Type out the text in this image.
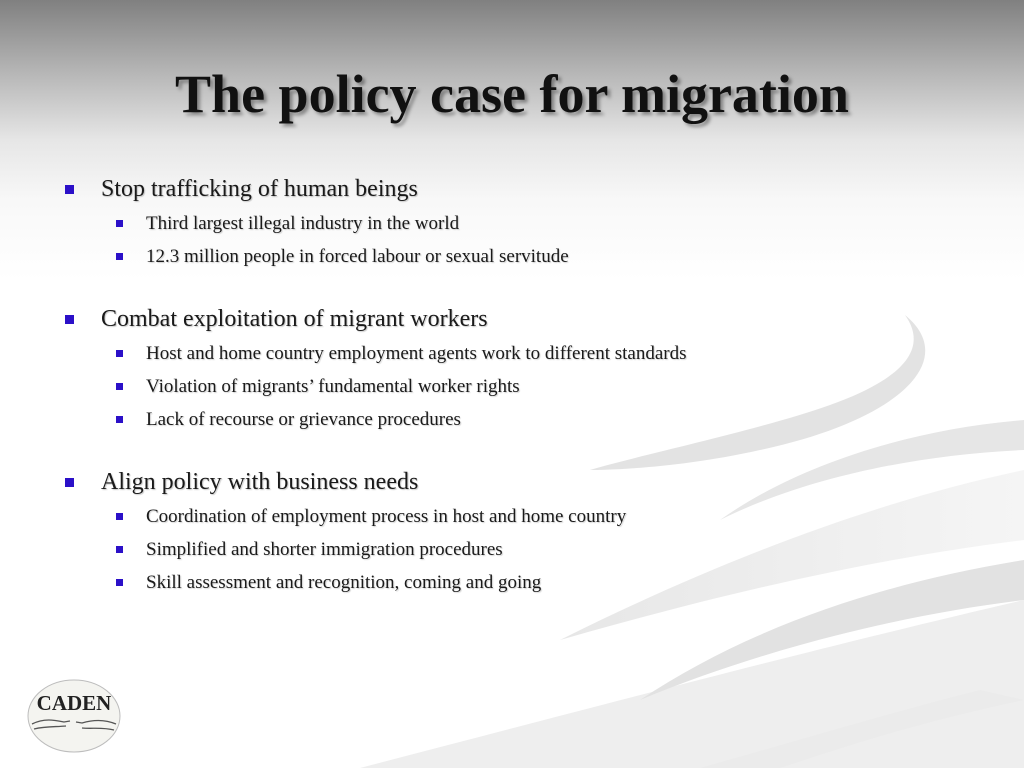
The policy case for migration
Stop trafficking of human beings
Third largest illegal industry in the world
12.3 million people in forced labour or sexual servitude
Combat exploitation of migrant workers
Host and home country employment agents work to different standards
Violation of migrants’ fundamental worker rights
Lack of recourse or grievance procedures
Align policy with business needs
Coordination of employment process in host and home country
Simplified and shorter immigration procedures
Skill assessment and recognition, coming and going
CADEN
